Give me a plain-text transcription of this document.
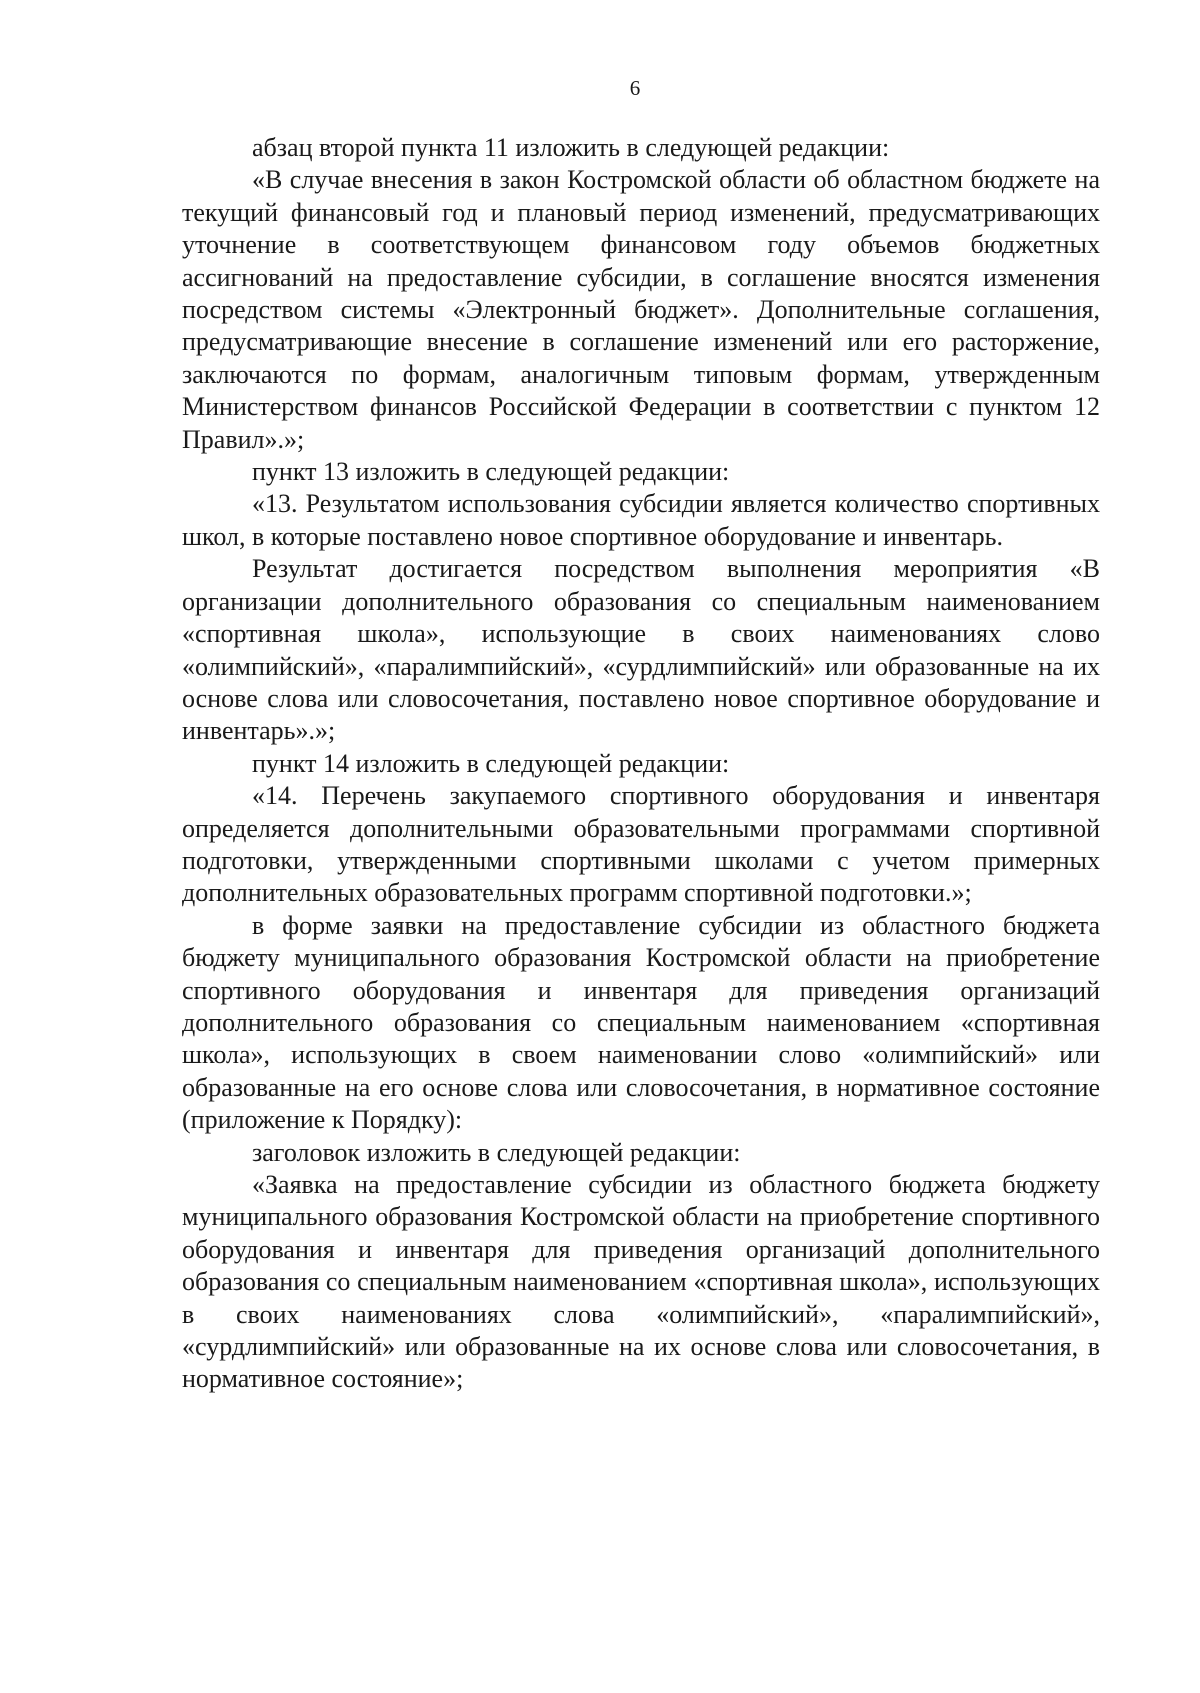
6

абзац второй пункта 11 изложить в следующей редакции:

«В случае внесения в закон Костромской области об областном бюджете на текущий финансовый год и плановый период изменений, предусматривающих уточнение в соответствующем финансовом году объемов бюджетных ассигнований на предоставление субсидии, в соглашение вносятся изменения посредством системы «Электронный бюджет». Дополнительные соглашения, предусматривающие внесение в соглашение изменений или его расторжение, заключаются по формам, аналогичным типовым формам, утвержденным Министерством финансов Российской Федерации в соответствии с пунктом 12 Правил».»;

пункт 13 изложить в следующей редакции:

«13. Результатом использования субсидии является количество спортивных школ, в которые поставлено новое спортивное оборудование и инвентарь.

Результат достигается посредством выполнения мероприятия «В организации дополнительного образования со специальным наименованием «спортивная школа», использующие в своих наименованиях слово «олимпийский», «паралимпийский», «сурдлимпийский» или образованные на их основе слова или словосочетания, поставлено новое спортивное оборудование и инвентарь».»;

пункт 14 изложить в следующей редакции:

«14. Перечень закупаемого спортивного оборудования и инвентаря определяется дополнительными образовательными программами спортивной подготовки, утвержденными спортивными школами с учетом примерных дополнительных образовательных программ спортивной подготовки.»;

в форме заявки на предоставление субсидии из областного бюджета бюджету муниципального образования Костромской области на приобретение спортивного оборудования и инвентаря для приведения организаций дополнительного образования со специальным наименованием «спортивная школа», использующих в своем наименовании слово «олимпийский» или образованные на его основе слова или словосочетания, в нормативное состояние (приложение к Порядку):

заголовок изложить в следующей редакции:

«Заявка на предоставление субсидии из областного бюджета бюджету муниципального образования Костромской области на приобретение спортивного оборудования и инвентаря для приведения организаций дополнительного образования со специальным наименованием «спортивная школа», использующих в своих наименованиях слова «олимпийский», «паралимпийский», «сурдлимпийский» или образованные на их основе слова или словосочетания, в нормативное состояние»;
